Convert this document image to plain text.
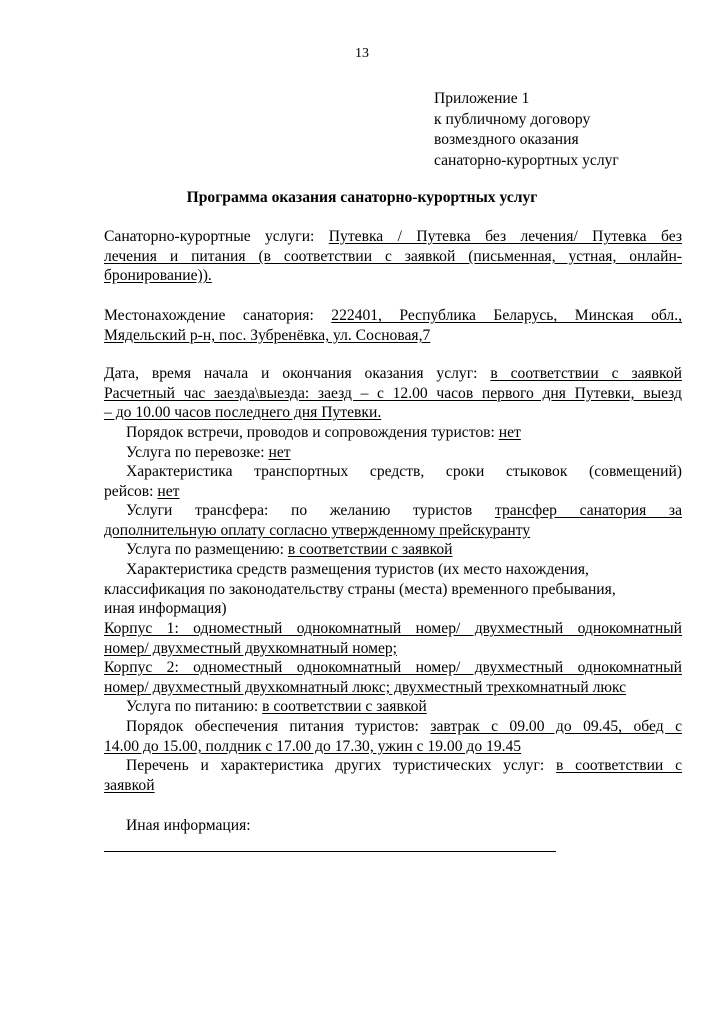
13
Приложение 1
к публичному договору
возмездного оказания
санаторно-курортных услуг
Программа оказания санаторно-курортных услуг
Санаторно-курортные услуги: Путевка / Путевка без лечения/ Путевка без
лечения и питания (в соответствии с заявкой (письменная, устная, онлайн-
бронирование)).
Местонахождение санатория: 222401, Республика Беларусь, Минская обл.,
Мядельский р-н, пос. Зубренёвка, ул. Сосновая,7
Дата, время начала и окончания оказания услуг: в соответствии с заявкой
Расчетный час заезда\выезда: заезд – с 12.00 часов первого дня Путевки, выезд
– до 10.00 часов последнего дня Путевки.
Порядок встречи, проводов и сопровождения туристов: нет
Услуга по перевозке: нет
Характеристика транспортных средств, сроки стыковок (совмещений)
рейсов: нет
Услуги трансфера: по желанию туристов трансфер санатория за
дополнительную оплату согласно утвержденному прейскуранту
Услуга по размещению: в соответствии с заявкой
Характеристика средств размещения туристов (их место нахождения,
классификация по законодательству страны (места) временного пребывания,
иная информация)
Корпус 1: одноместный однокомнатный номер/ двухместный однокомнатный
номер/ двухместный двухкомнатный номер;
Корпус 2: одноместный однокомнатный номер/ двухместный однокомнатный
номер/ двухместный двухкомнатный люкс; двухместный трехкомнатный люкс
Услуга по питанию: в соответствии с заявкой
Порядок обеспечения питания туристов: завтрак с 09.00 до 09.45, обед с
14.00 до 15.00, полдник с 17.00 до 17.30, ужин с 19.00 до 19.45
Перечень и характеристика других туристических услуг: в соответствии с
заявкой
Иная информация:
